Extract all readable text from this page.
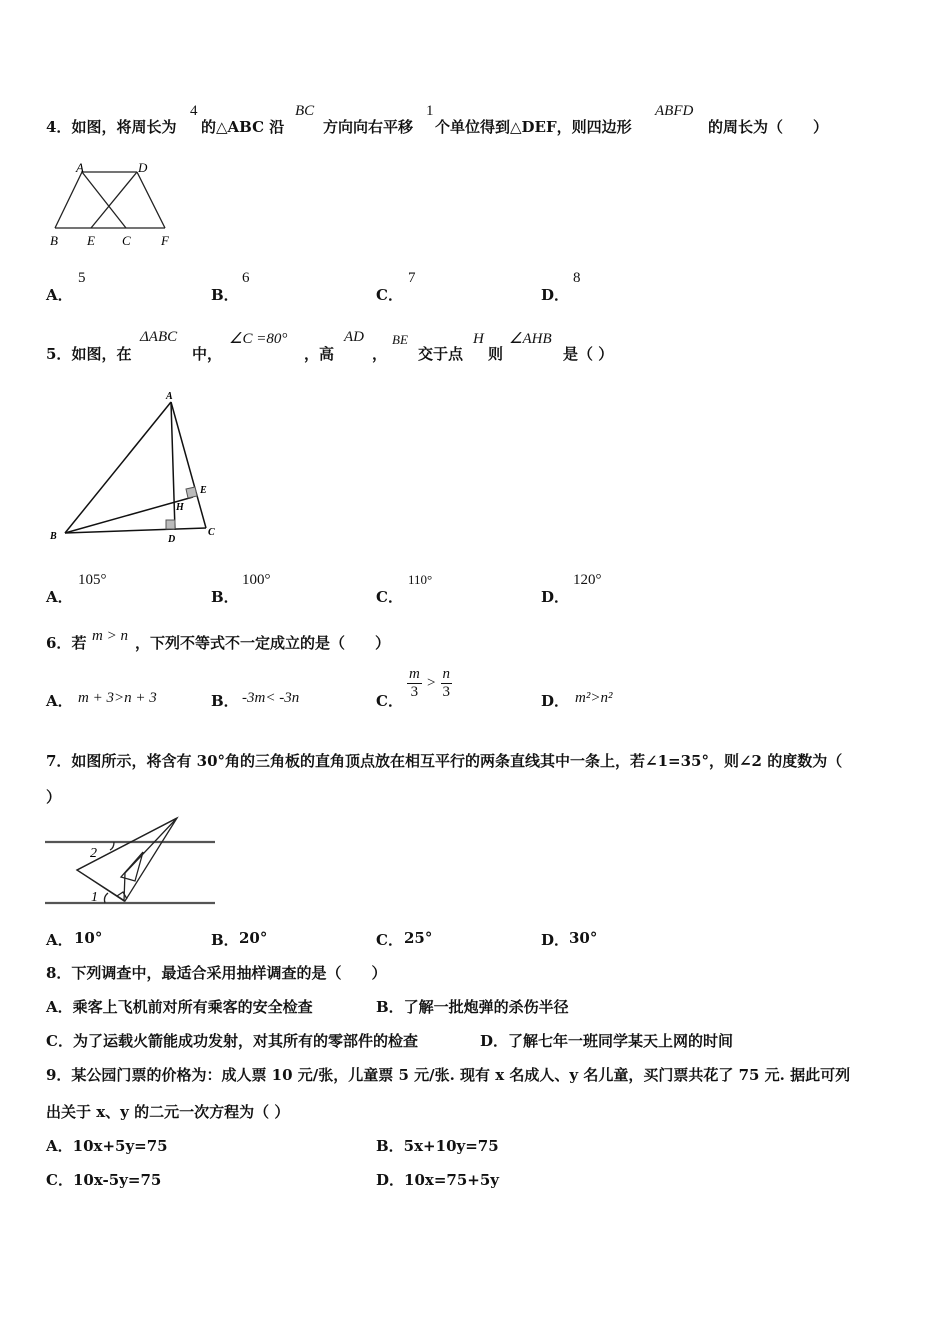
4．如图，将周长为
4
的△ABC 沿
BC
方向向右平移
1
个单位得到△DEF，则四边形
ABFD
的周长为（　　）
A	D
B E C F
A．
5
B．
6
C．
7
D．
8
5．如图，在
ΔABC
中，
∠C =80°
，高
AD
，
BE
交于点
H
则
∠AHB
是（ ）
A
B	C
D
E
H
A．
105°
B．
100°
C．
110°
D．
120°
6．若 m > n ，下列不等式不一定成立的是（　　）
A． m + 3>n + 3	B． -3m< -3n	C． $\frac{m}{3} > \frac{n}{3}$	D． m²>n²
7．如图所示，将含有 30°角的三角板的直角顶点放在相互平行的两条直线其中一条上，若∠1=35°，则∠2 的度数为（
）
2
1
A． 10°	B． 20°	C． 25°	D． 30°
8．下列调查中，最适合采用抽样调查的是（　　）
A．乘客上飞机前对所有乘客的安全检查	B．了解一批炮弹的杀伤半径
C．为了运载火箭能成功发射，对其所有的零部件的检查	D．了解七年一班同学某天上网的时间
9．某公园门票的价格为：成人票 10 元/张，儿童票 5 元/张. 现有 x 名成人、y 名儿童，买门票共花了 75 元. 据此可列
出关于 x、y 的二元一次方程为（ ）
A．10x+5y=75	B．5x+10y=75
C．10x-5y=75	D．10x=75+5y
